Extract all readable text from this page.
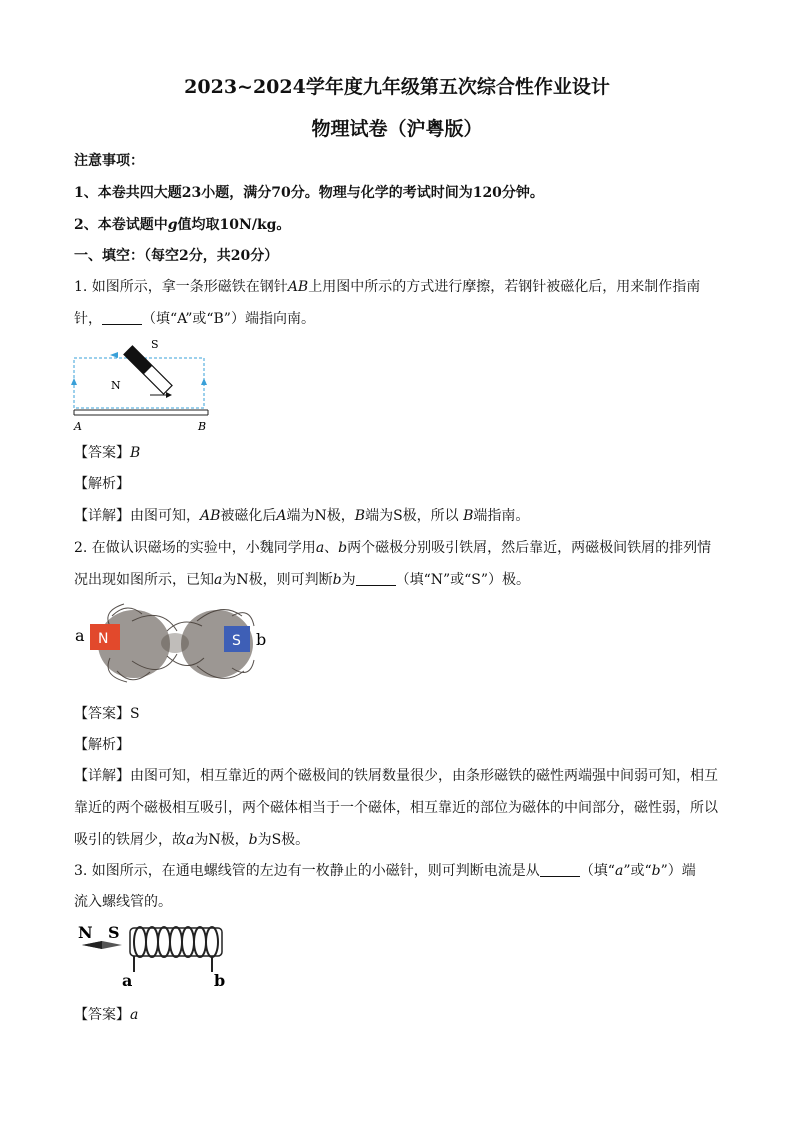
2023~2024学年度九年级第五次综合性作业设计
物理试卷（沪粤版）
注意事项：
1、本卷共四大题23小题，满分70分。物理与化学的考试时间为120分钟。
2、本卷试题中g值均取10N/kg。
一、填空：（每空2分，共20分）
1. 如图所示，拿一条形磁铁在钢针AB上用图中所示的方式进行摩擦，若钢针被磁化后，用来制作指南
针，	（填“A”或“B”）端指向南。
S
N
A	B
【答案】B
【解析】
【详解】由图可知，AB被磁化后A端为N极，B端为S极，所以 B端指南。
2. 在做认识磁场的实验中，小魏同学用a、b两个磁极分别吸引铁屑，然后靠近，两磁极间铁屑的排列情
况出现如图所示，已知a为N极，则可判断b为	（填“N”或“S”）极。
N	S
a	b
【答案】S
【解析】
【详解】由图可知，相互靠近的两个磁极间的铁屑数量很少，由条形磁铁的磁性两端强中间弱可知，相互
靠近的两个磁极相互吸引，两个磁体相当于一个磁体，相互靠近的部位为磁体的中间部分，磁性弱，所以
吸引的铁屑少，故a为N极，b为S极。
3. 如图所示，在通电螺线管的左边有一枚静止的小磁针，则可判断电流是从	（填“a”或“b”）端
流入螺线管的。
N S
a	b
【答案】a
